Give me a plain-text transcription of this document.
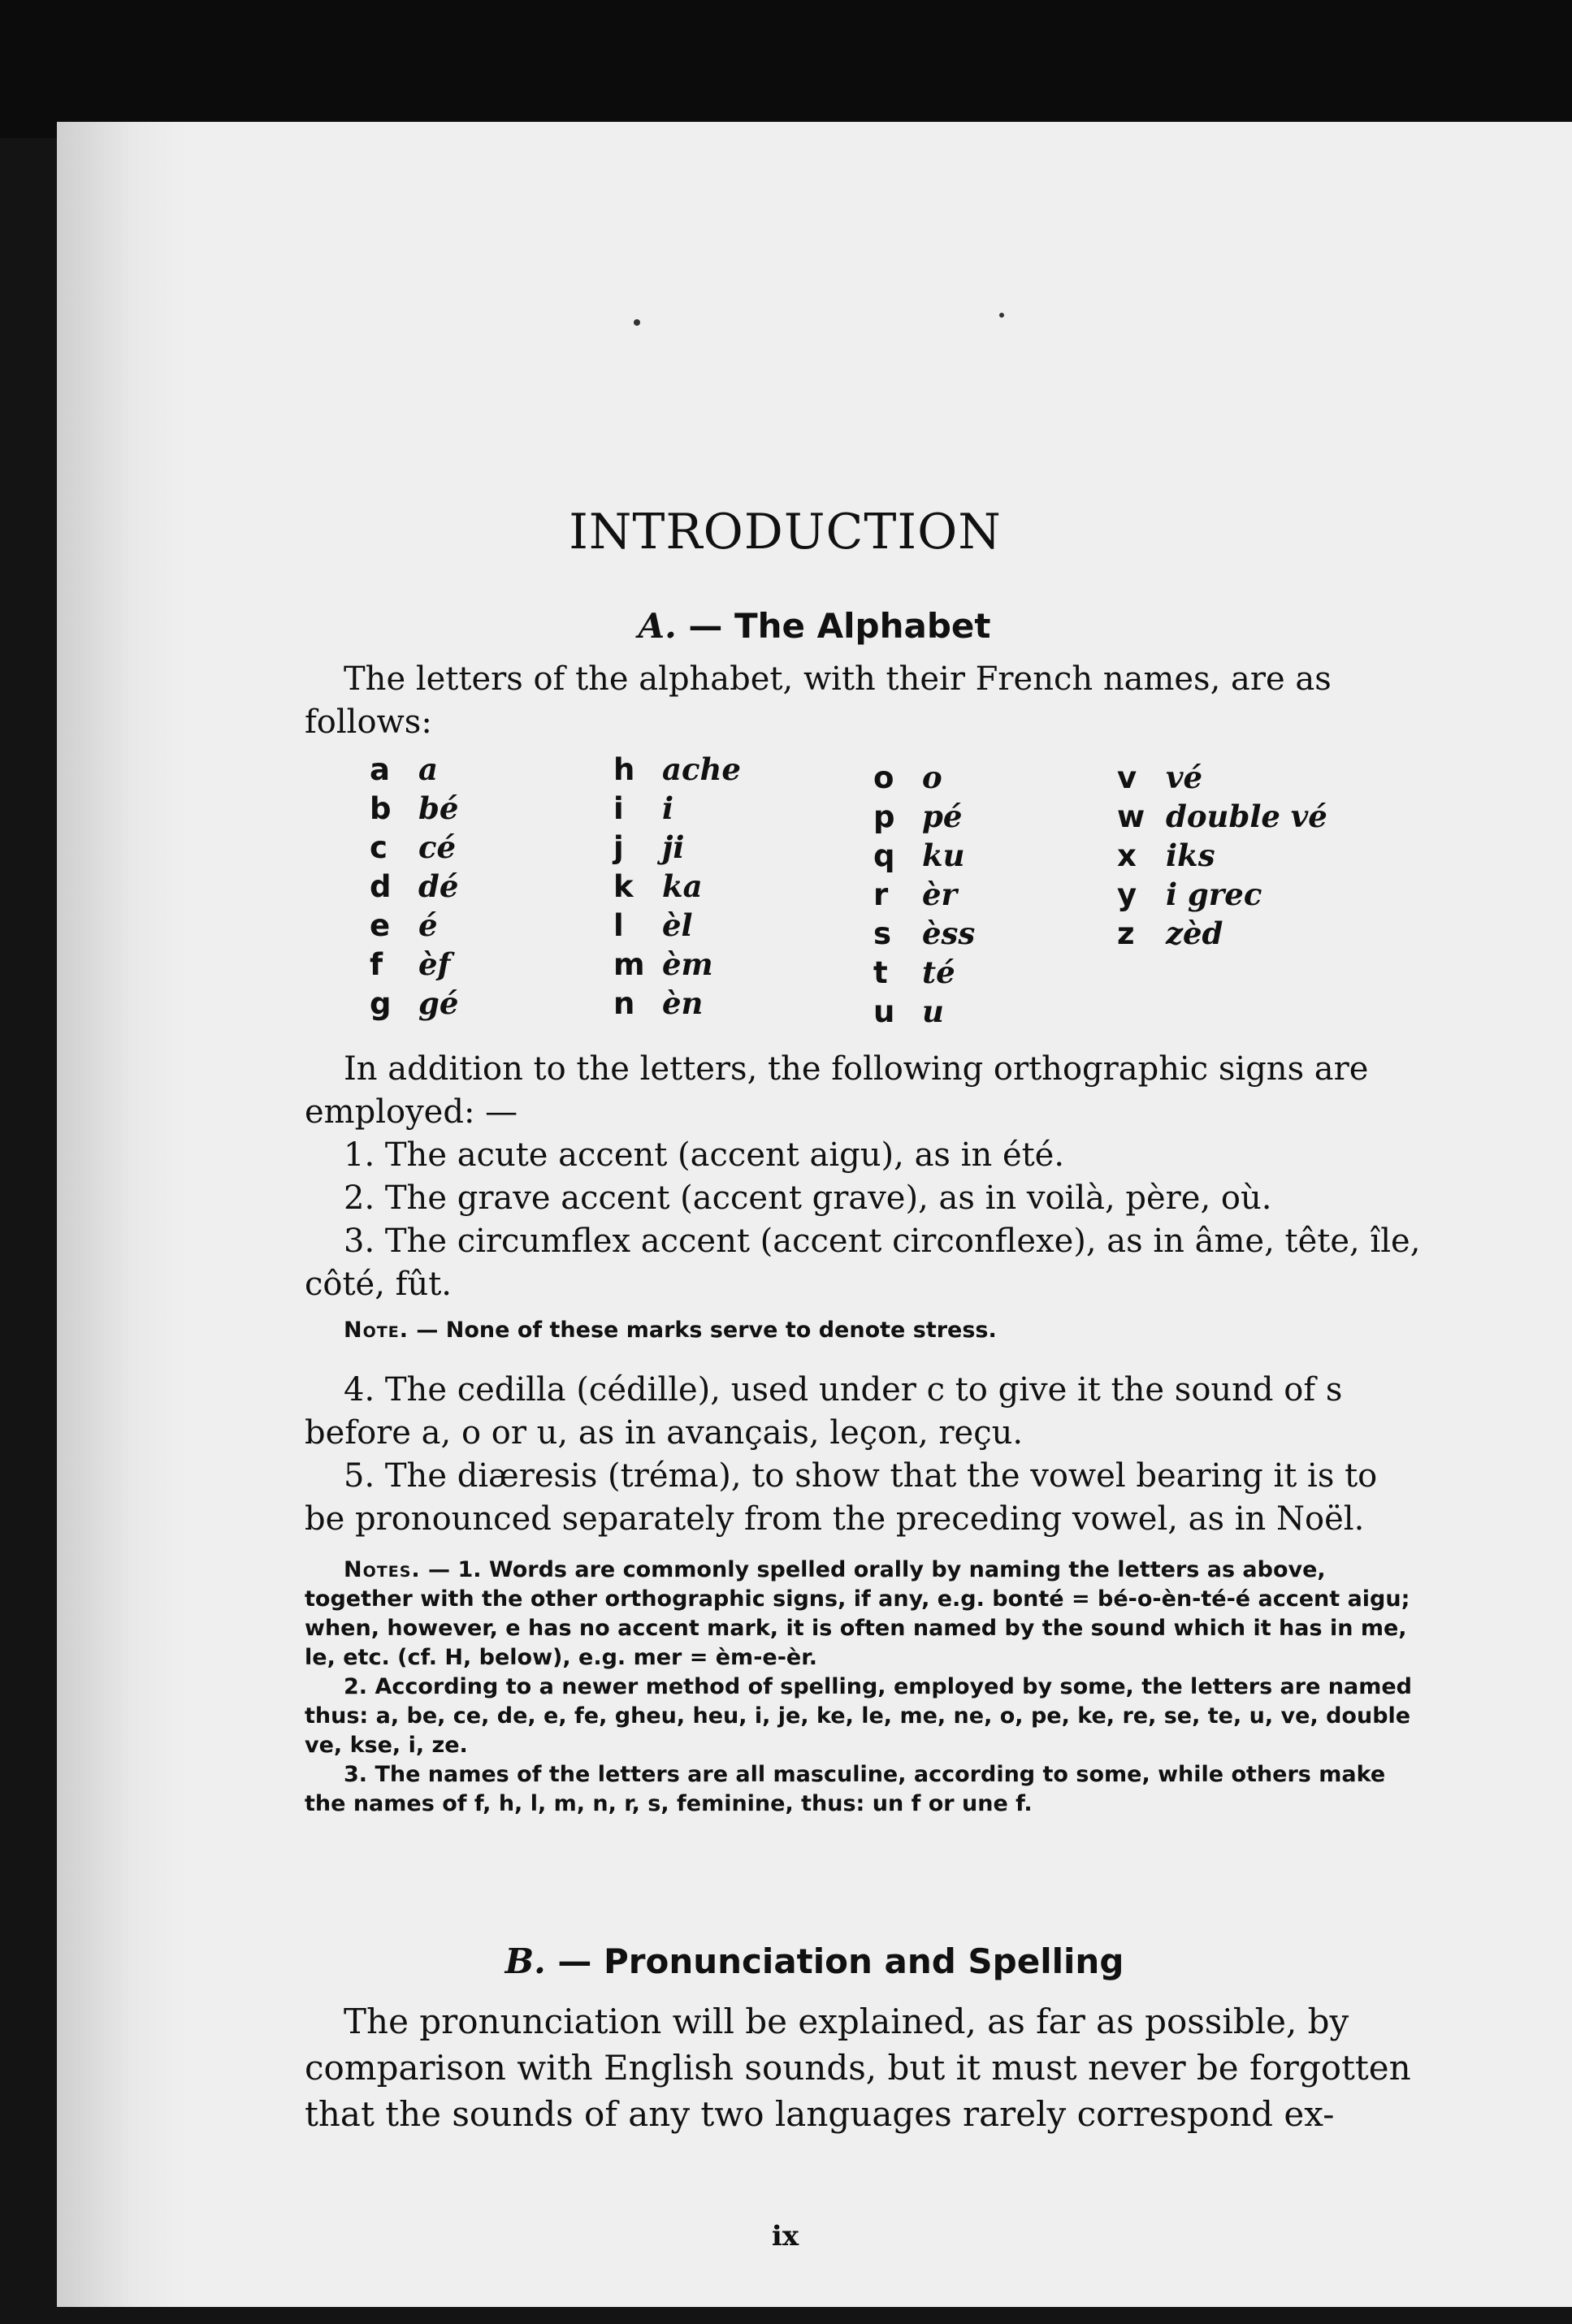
INTRODUCTION
A. — The Alphabet
The letters of the alphabet, with their French names, are as follows:
a a
b bé
c	cé
d dé
e é
f	èf
g gé
h ache
i	i
j	ji
k ka
l	èl
m èm
n èn
o o
p pé
q ku
r	èr
s	èss
t	té
u u
v vé
w double vé
x iks
y i grec
z	zèd
In addition to the letters, the following orthographic signs are employed: —
1. The acute accent (accent aigu), as in été.
2. The grave accent (accent grave), as in voilà, père, où.
3. The circumflex accent (accent circonflexe), as in âme, tête, île, côté, fût.
Note. — None of these marks serve to denote stress.
4. The cedilla (cédille), used under c to give it the sound of s before a, o or u, as in avançais, leçon, reçu.
5. The diæresis (tréma), to show that the vowel bearing it is to be pronounced separately from the preceding vowel, as in Noël.
Notes. — 1. Words are commonly spelled orally by naming the letters as above, together with the other orthographic signs, if any, e.g. bonté = bé-o-èn-té-é accent aigu; when, however, e has no accent mark, it is often named by the sound which it has in me, le, etc. (cf. H, below), e.g. mer = èm-e-èr.
2. According to a newer method of spelling, employed by some, the letters are named thus: a, be, ce, de, e, fe, gheu, heu, i, je, ke, le, me, ne, o, pe, ke, re, se, te, u, ve, double ve, kse, i, ze.
3. The names of the letters are all masculine, according to some, while others make the names of f, h, l, m, n, r, s, feminine, thus: un f or une f.
B. — Pronunciation and Spelling
The pronunciation will be explained, as far as possible, by comparison with English sounds, but it must never be forgotten that the sounds of any two languages rarely correspond ex-
ix
